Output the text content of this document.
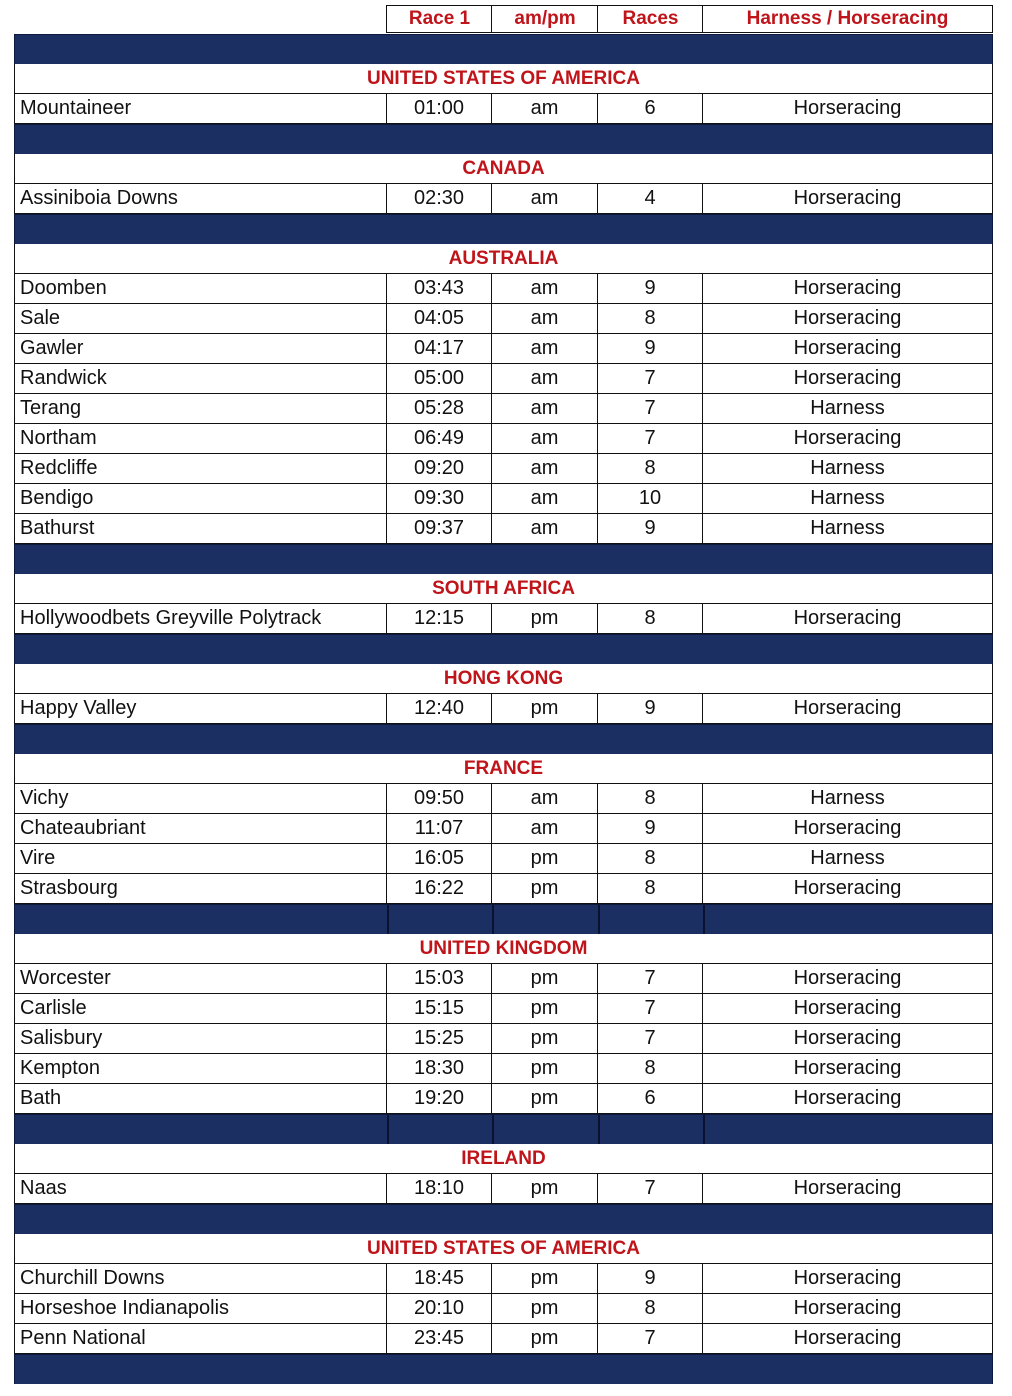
Race 1	am/pm	Races	Harness / Horseracing
UNITED STATES OF AMERICA
Mountaineer	01:00	am	6	Horseracing
CANADA
Assiniboia Downs	02:30	am	4	Horseracing
AUSTRALIA
Doomben	03:43	am	9	Horseracing
Sale	04:05	am	8	Horseracing
Gawler	04:17	am	9	Horseracing
Randwick	05:00	am	7	Horseracing
Terang	05:28	am	7	Harness
Northam	06:49	am	7	Horseracing
Redcliffe	09:20	am	8	Harness
Bendigo	09:30	am	10	Harness
Bathurst	09:37	am	9	Harness
SOUTH AFRICA
Hollywoodbets Greyville Polytrack	12:15	pm	8	Horseracing
HONG KONG
Happy Valley	12:40	pm	9	Horseracing
FRANCE
Vichy	09:50	am	8	Harness
Chateaubriant	11:07	am	9	Horseracing
Vire	16:05	pm	8	Harness
Strasbourg	16:22	pm	8	Horseracing
UNITED KINGDOM
Worcester	15:03	pm	7	Horseracing
Carlisle	15:15	pm	7	Horseracing
Salisbury	15:25	pm	7	Horseracing
Kempton	18:30	pm	8	Horseracing
Bath	19:20	pm	6	Horseracing
IRELAND
Naas	18:10	pm	7	Horseracing
UNITED STATES OF AMERICA
Churchill Downs	18:45	pm	9	Horseracing
Horseshoe Indianapolis	20:10	pm	8	Horseracing
Penn National	23:45	pm	7	Horseracing
